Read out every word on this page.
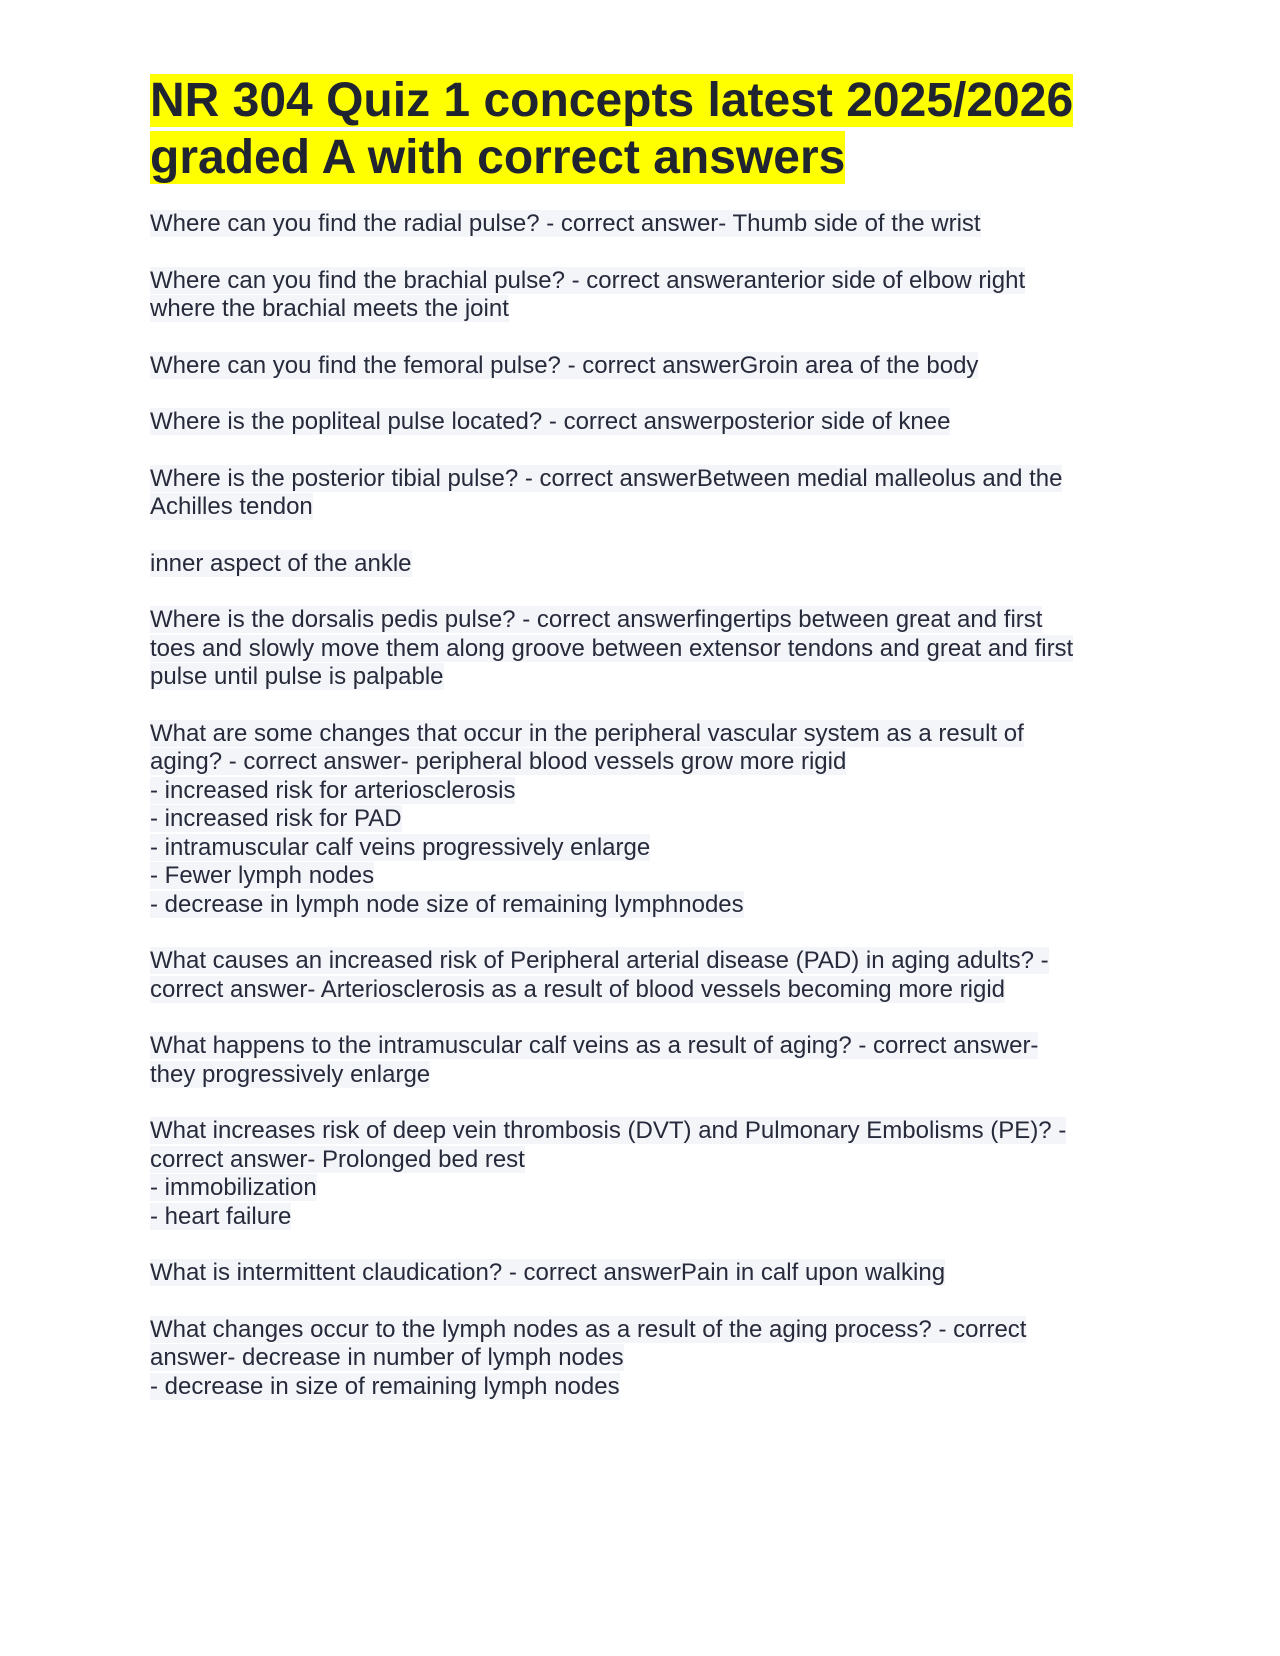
NR 304 Quiz 1 concepts latest 2025/2026 graded A with correct answers
Where can you find the radial pulse? - correct answer- Thumb side of the wrist
Where can you find the brachial pulse? - correct answeranterior side of elbow right
where the brachial meets the joint
Where can you find the femoral pulse? - correct answerGroin area of the body
Where is the popliteal pulse located? - correct answerposterior side of knee
Where is the posterior tibial pulse? - correct answerBetween medial malleolus and the
Achilles tendon
inner aspect of the ankle
Where is the dorsalis pedis pulse? - correct answerfingertips between great and first
toes and slowly move them along groove between extensor tendons and great and first
pulse until pulse is palpable
What are some changes that occur in the peripheral vascular system as a result of
aging? - correct answer- peripheral blood vessels grow more rigid
- increased risk for arteriosclerosis
- increased risk for PAD
- intramuscular calf veins progressively enlarge
- Fewer lymph nodes
- decrease in lymph node size of remaining lymphnodes
What causes an increased risk of Peripheral arterial disease (PAD) in aging adults? -
correct answer- Arteriosclerosis as a result of blood vessels becoming more rigid
What happens to the intramuscular calf veins as a result of aging? - correct answer-
they progressively enlarge
What increases risk of deep vein thrombosis (DVT) and Pulmonary Embolisms (PE)? -
correct answer- Prolonged bed rest
- immobilization
- heart failure
What is intermittent claudication? - correct answerPain in calf upon walking
What changes occur to the lymph nodes as a result of the aging process? - correct
answer- decrease in number of lymph nodes
- decrease in size of remaining lymph nodes
